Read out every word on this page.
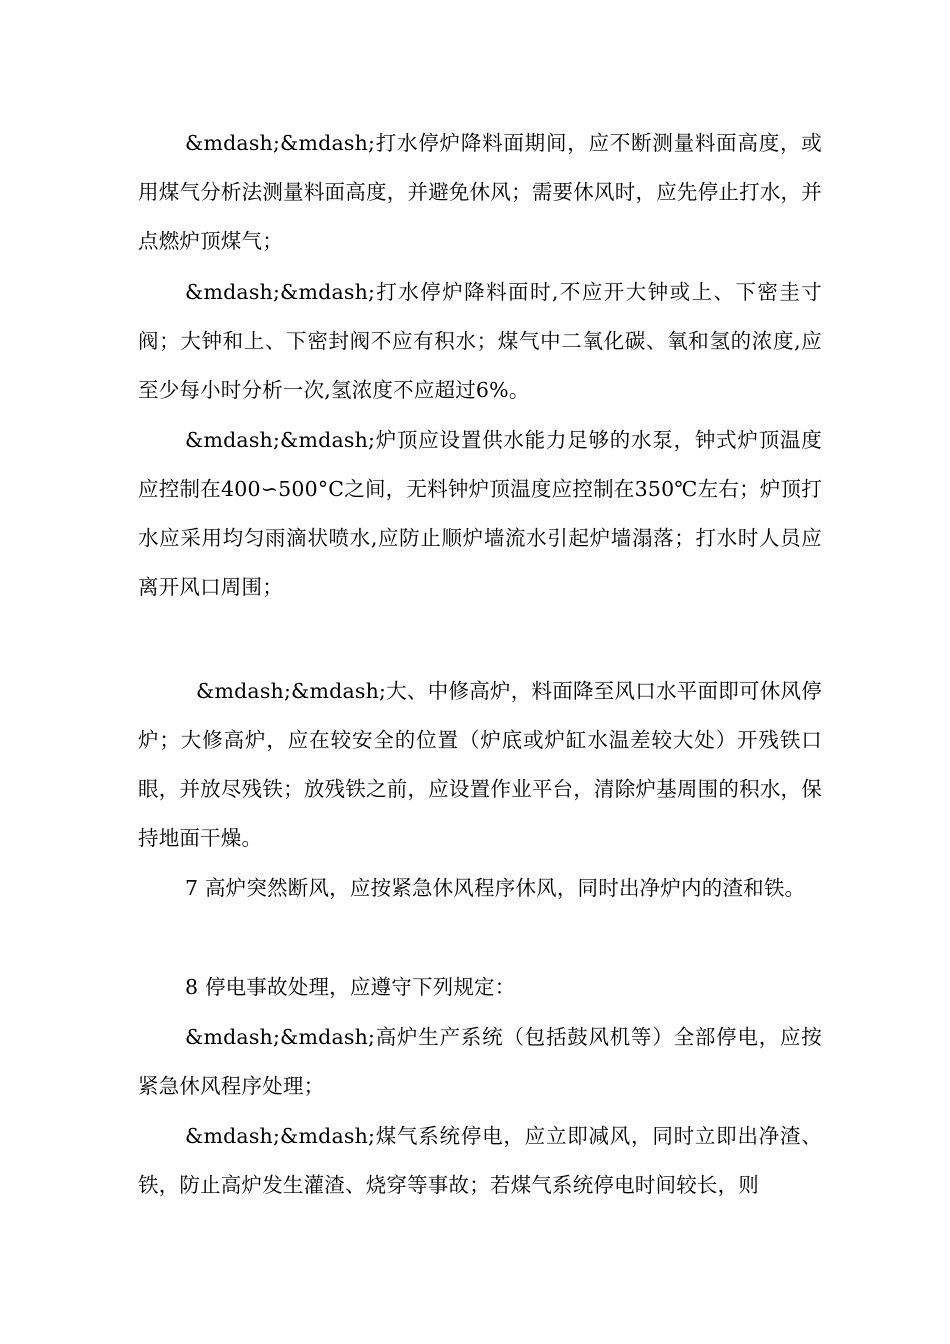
&mdash;&mdash;打水停炉降料面期间，应不断测量料面高度，或用煤气分析法测量料面高度，并避免休风；需要休风时，应先停止打水，并点燃炉顶煤气；

&mdash;&mdash;打水停炉降料面时,不应开大钟或上、下密圭寸阀；大钟和上、下密封阀不应有积水；煤气中二氧化碳、氧和氢的浓度,应至少每小时分析一次,氢浓度不应超过6%。

&mdash;&mdash;炉顶应设置供水能力足够的水泵，钟式炉顶温度应控制在400∽500°C之间，无料钟炉顶温度应控制在350℃左右；炉顶打水应采用均匀雨滴状喷水,应防止顺炉墙流水引起炉墙溻落；打水时人员应离开风口周围；

&mdash;&mdash;大、中修高炉，料面降至风口水平面即可休风停炉；大修高炉，应在较安全的位置（炉底或炉缸水温差较大处）开残铁口眼，并放尽残铁；放残铁之前，应设置作业平台，清除炉基周围的积水，保持地面干燥。

7 高炉突然断风，应按紧急休风程序休风，同时出净炉内的渣和铁。

8 停电事故处理，应遵守下列规定：

&mdash;&mdash;高炉生产系统（包括鼓风机等）全部停电，应按紧急休风程序处理；

&mdash;&mdash;煤气系统停电，应立即减风，同时立即出净渣、铁，防止高炉发生灌渣、烧穿等事故；若煤气系统停电时间较长，则
